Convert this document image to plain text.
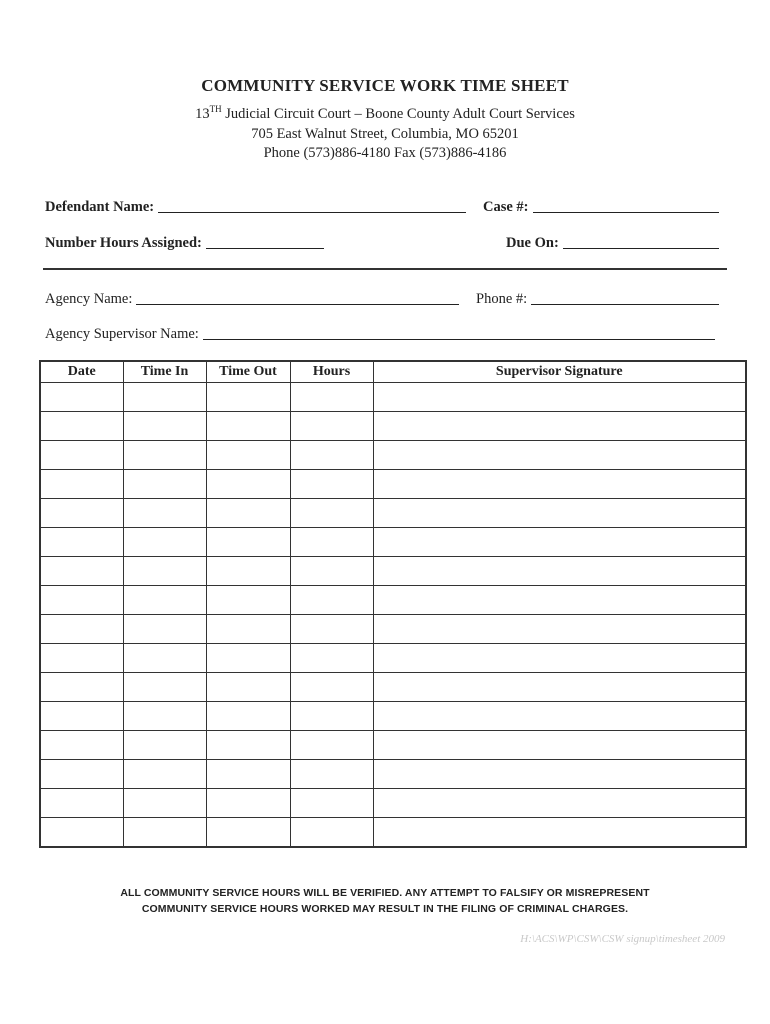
COMMUNITY SERVICE WORK TIME SHEET
13TH Judicial Circuit Court – Boone County Adult Court Services
705 East Walnut Street, Columbia, MO 65201
Phone (573)886-4180 Fax (573)886-4186
Defendant Name:	Case #:
Number Hours Assigned:	Due On:
Agency Name:	Phone #:
Agency Supervisor Name:
Date	Time In	Time Out	Hours	Supervisor Signature

ALL COMMUNITY SERVICE HOURS WILL BE VERIFIED. ANY ATTEMPT TO FALSIFY OR MISREPRESENT
COMMUNITY SERVICE HOURS WORKED MAY RESULT IN THE FILING OF CRIMINAL CHARGES.
H:\ACS\WP\CSW\CSW signup\timesheet 2009
